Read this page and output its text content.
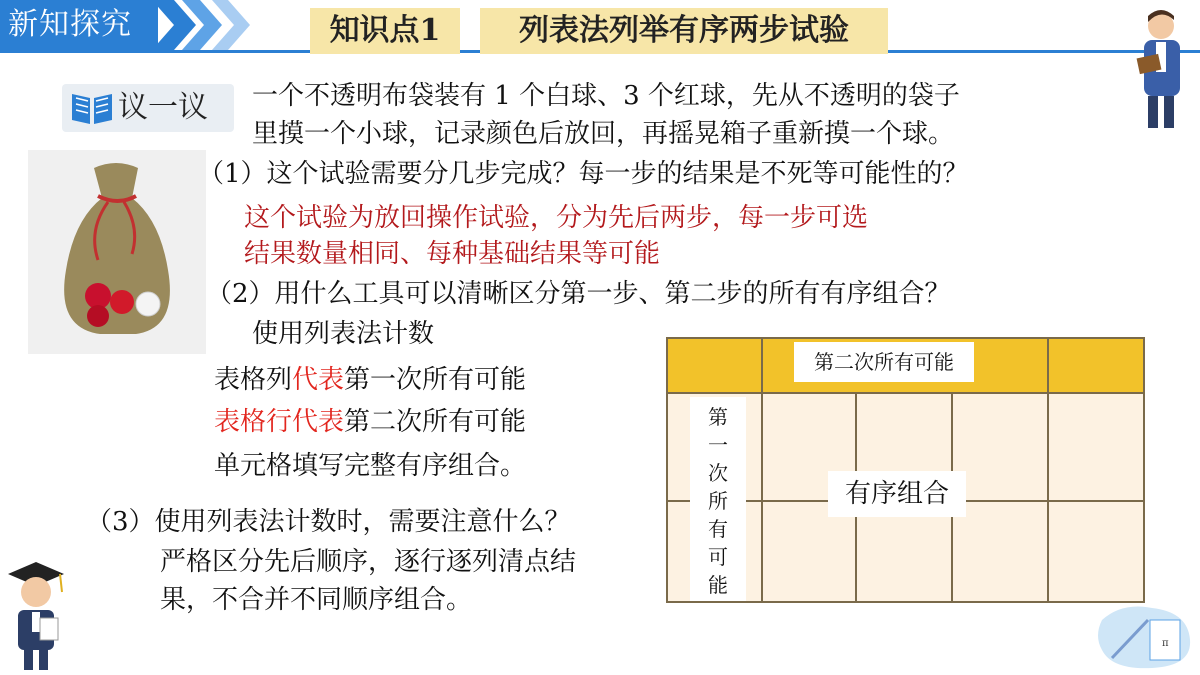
新知探究	知识点1	列表法列举有序两步试验
议一议 一个不透明布袋装有 1 个白球、3 个红球，先从不透明的袋子
里摸一个小球，记录颜色后放回，再摇晃箱子重新摸一个球。
（1）这个试验需要分几步完成？每一步的结果是不死等可能性的？
这个试验为放回操作试验，分为先后两步，每一步可选
结果数量相同、每种基础结果等可能
（2）用什么工具可以清晰区分第一步、第二步的所有有序组合？
使用列表法计数
表格列代表第一次所有可能
表格行代表第二次所有可能
单元格填写完整有序组合。
（3）使用列表法计数时，需要注意什么？
严格区分先后顺序，逐行逐列清点结
果，不合并不同顺序组合。
第二次所有可能
第
一
次
所
有
可
能
有序组合
π
